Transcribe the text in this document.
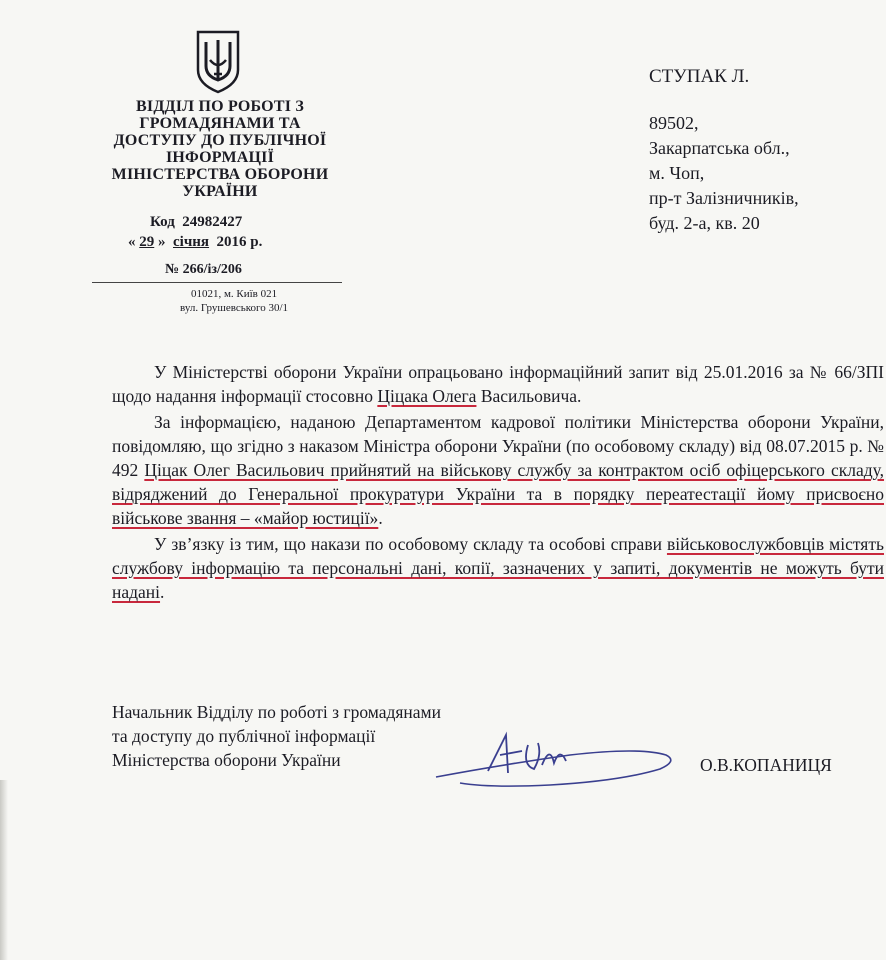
ВІДДІЛ ПО РОБОТІ З
ГРОМАДЯНАМИ ТА
ДОСТУПУ ДО ПУБЛІЧНОЇ
ІНФОРМАЦІЇ
МІНІСТЕРСТВА ОБОРОНИ
УКРАЇНИ
Код 24982427
« 29 » січня 2016 р.
№ 266/із/206
01021, м. Київ 021
вул. Грушевського 30/1
СТУПАК Л.
89502,
Закарпатська обл.,
м. Чоп,
пр-т Залізничників,
буд. 2-а, кв. 20

У Міністерстві оборони України опрацьовано інформаційний запит від 25.01.2016 за № 66/ЗПІ щодо надання інформації стосовно Ціцака Олега Васильовича.

За інформацією, наданою Департаментом кадрової політики Міністерства оборони України, повідомляю, що згідно з наказом Міністра оборони України (по особовому складу) від 08.07.2015 р. № 492 Ціцак Олег Васильович прийнятий на військову службу за контрактом осіб офіцерського складу, відряджений до Генеральної прокуратури України та в порядку переатестації йому присвоєно військове звання – «майор юстиції».

У зв’язку із тим, що накази по особовому складу та особові справи військовослужбовців містять службову інформацію та персональні дані, копії, зазначених у запиті, документів не можуть бути надані.

Начальник Відділу по роботі з громадянами
та доступу до публічної інформації
Міністерства оборони України	О.В.КОПАНИЦЯ
